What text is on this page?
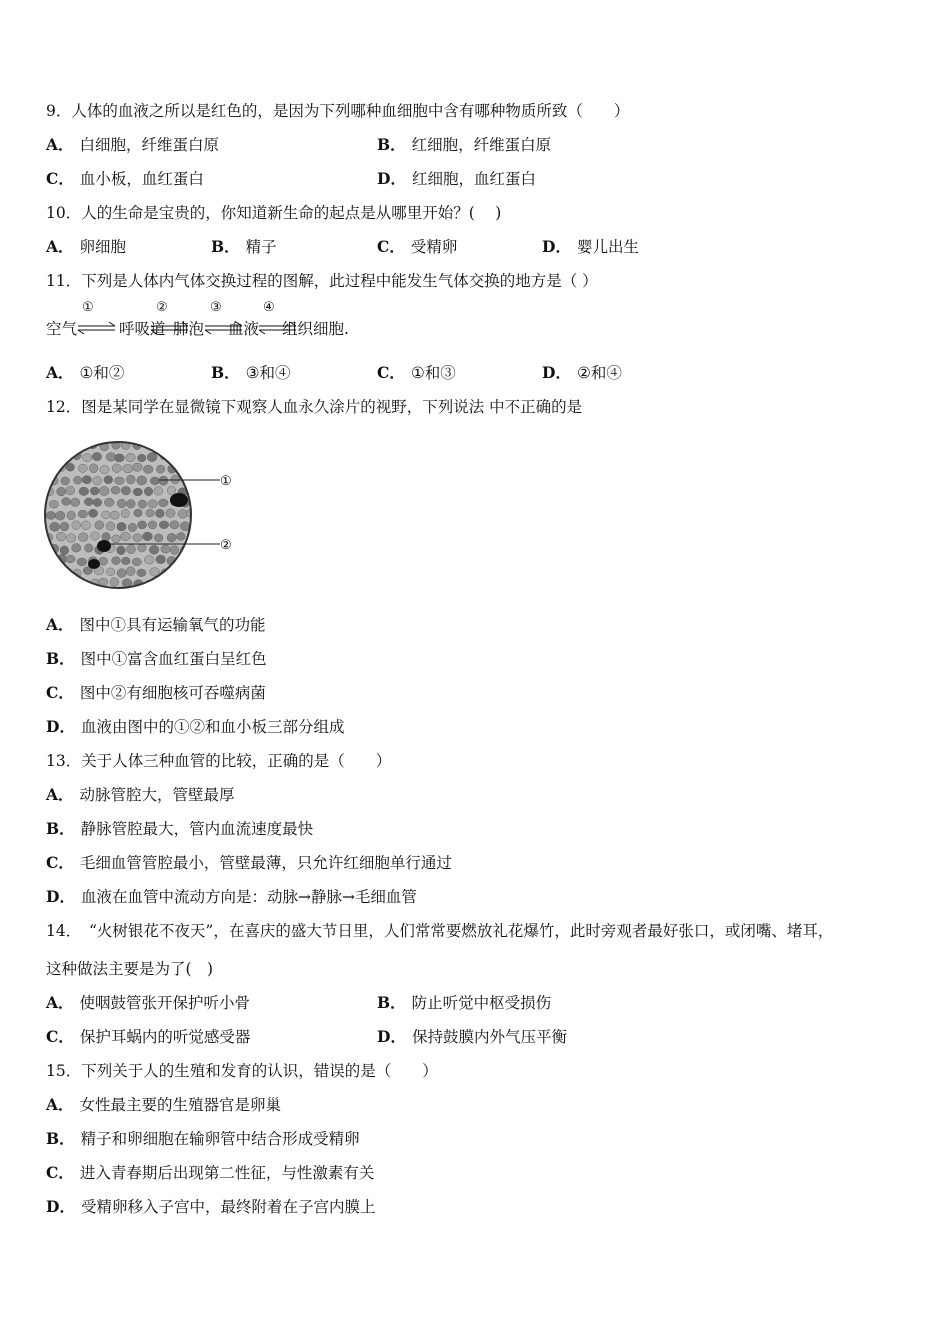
9．人体的血液之所以是红色的，是因为下列哪种血细胞中含有哪种物质所致（　　）
A． 白细胞，纤维蛋白原	B． 红细胞，纤维蛋白原
C． 血小板，血红蛋白	D． 红细胞，血红蛋白
10．人的生命是宝贵的，你知道新生命的起点是从哪里开始？( 　)
A． 卵细胞	B． 精子	C． 受精卵	D． 婴儿出生
11．下列是人体内气体交换过程的图解，此过程中能发生气体交换的地方是（ ）
空气
①
呼吸道
②
肺泡
③
血液
④
组织细胞.
A． ①和②	B． ③和④	C． ①和③	D． ②和④
12．图是某同学在显微镜下观察人血永久涂片的视野，下列说法 中不正确的是
①
②
A． 图中①具有运输氧气的功能
B． 图中①富含血红蛋白呈红色
C． 图中②有细胞核可吞噬病菌
D． 血液由图中的①②和血小板三部分组成
13．关于人体三种血管的比较，正确的是（　　）
A． 动脉管腔大，管壁最厚
B． 静脉管腔最大，管内血流速度最快
C． 毛细血管管腔最小，管壁最薄，只允许红细胞单行通过
D． 血液在血管中流动方向是：动脉→静脉→毛细血管
14．　“火树银花不夜天”，在喜庆的盛大节日里，人们常常要燃放礼花爆竹，此时旁观者最好张口，或闭嘴、堵耳，
这种做法主要是为了(　)
A． 使咽鼓管张开保护听小骨	B． 防止听觉中枢受损伤
C． 保护耳蜗内的听觉感受器	D． 保持鼓膜内外气压平衡
15．下列关于人的生殖和发育的认识，错误的是（　　）
A． 女性最主要的生殖器官是卵巢
B． 精子和卵细胞在输卵管中结合形成受精卵
C． 进入青春期后出现第二性征，与性激素有关
D． 受精卵移入子宫中，最终附着在子宫内膜上
